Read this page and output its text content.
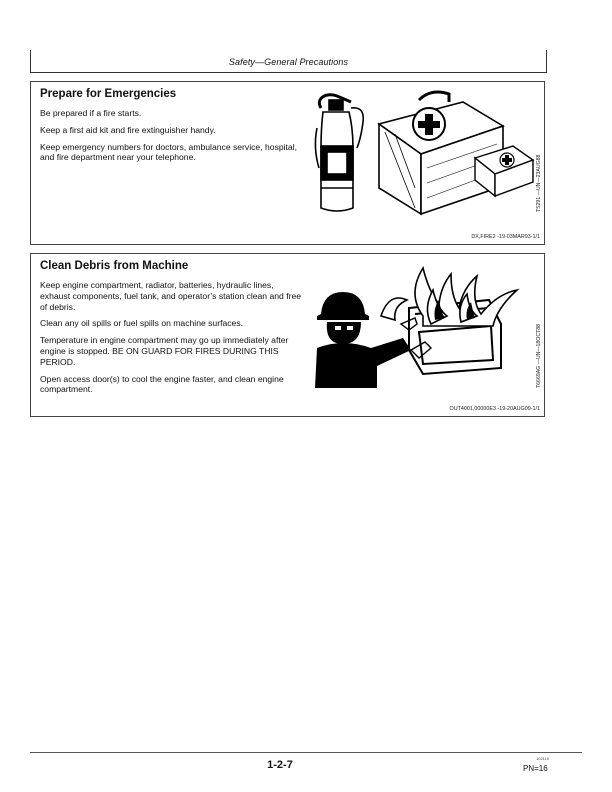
Safety—General Precautions
Prepare for Emergencies

Be prepared if a fire starts.

Keep a first aid kit and fire extinguisher handy.

Keep emergency numbers for doctors, ambulance service, hospital, and fire department near your telephone.	TS291 —UN—23AUG88
DX,FIRE2 -19-03MAR93-1/1
Clean Debris from Machine

Keep engine compartment, radiator, batteries, hydraulic lines, exhaust components, fuel tank, and operator’s station clean and free of debris.

Clean any oil spills or fuel spills on machine surfaces.

Temperature in engine compartment may go up immediately after engine is stopped. BE ON GUARD FOR FIRES DURING THIS PERIOD.

Open access door(s) to cool the engine faster, and clean engine compartment.

T6669AG —UN—18OCT88
OUT4001,00000E3 -19-20AUG09-1/1
1-2-7
102110
PN=16
